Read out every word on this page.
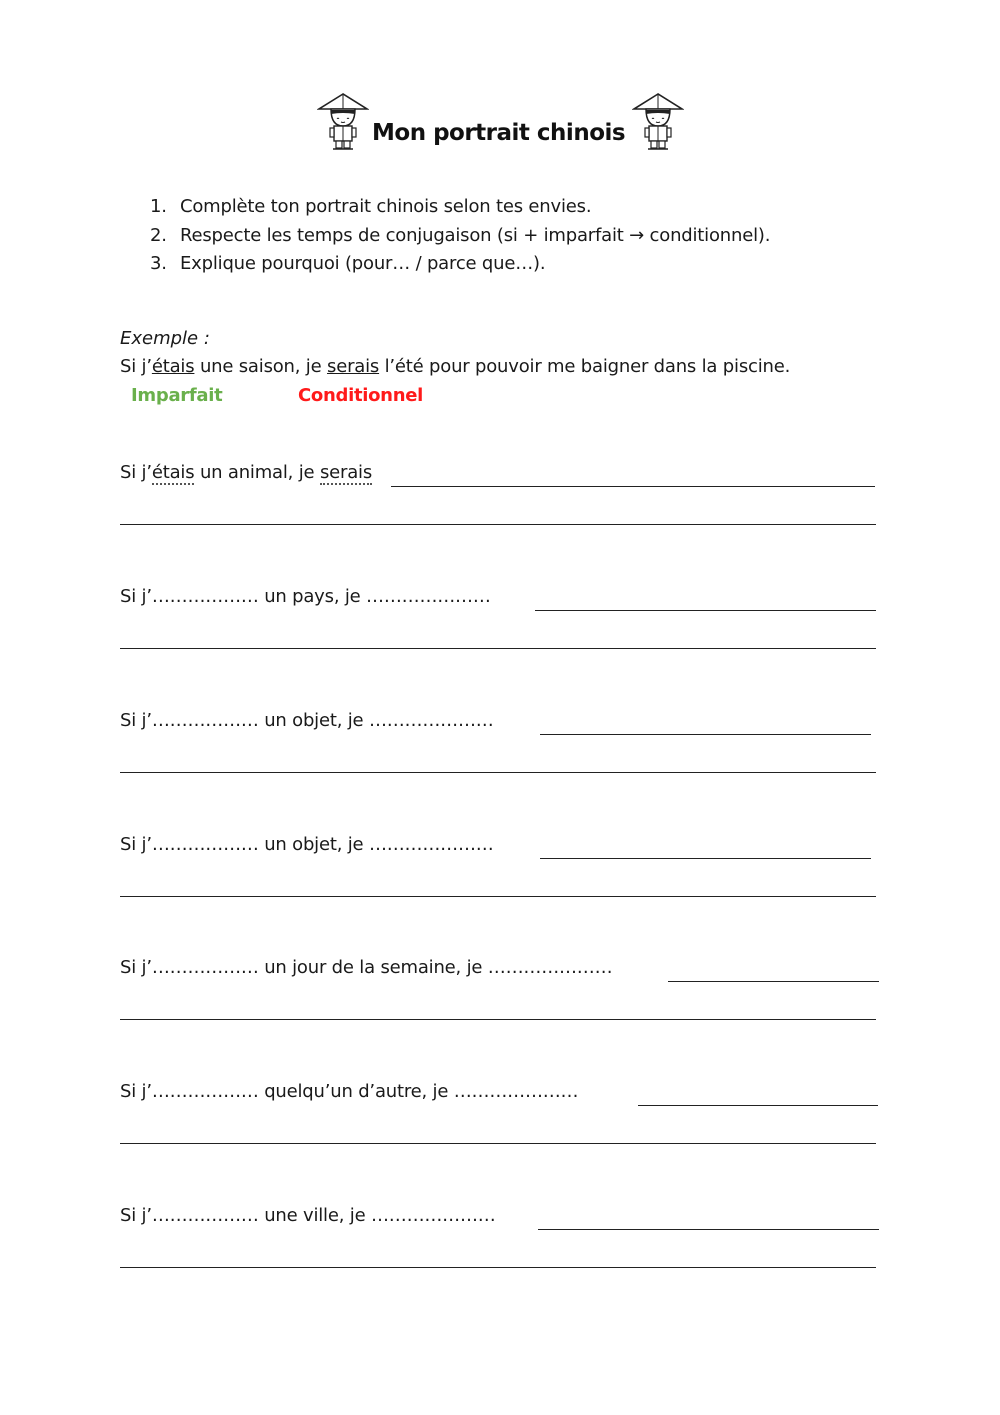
Mon portrait chinois
1. Complète ton portrait chinois selon tes envies.
2. Respecte les temps de conjugaison (si + imparfait → conditionnel).
3. Explique pourquoi (pour… / parce que…).
Exemple :
Si j’étais une saison, je serais l’été pour pouvoir me baigner dans la piscine.
Imparfait	Conditionnel
Si j’étais un animal, je serais
Si j’……………… un pays, je …………………
Si j’……………… un objet, je …………………
Si j’……………… un objet, je …………………
Si j’……………… un jour de la semaine, je …………………
Si j’……………… quelqu’un d’autre, je …………………
Si j’……………… une ville, je …………………
